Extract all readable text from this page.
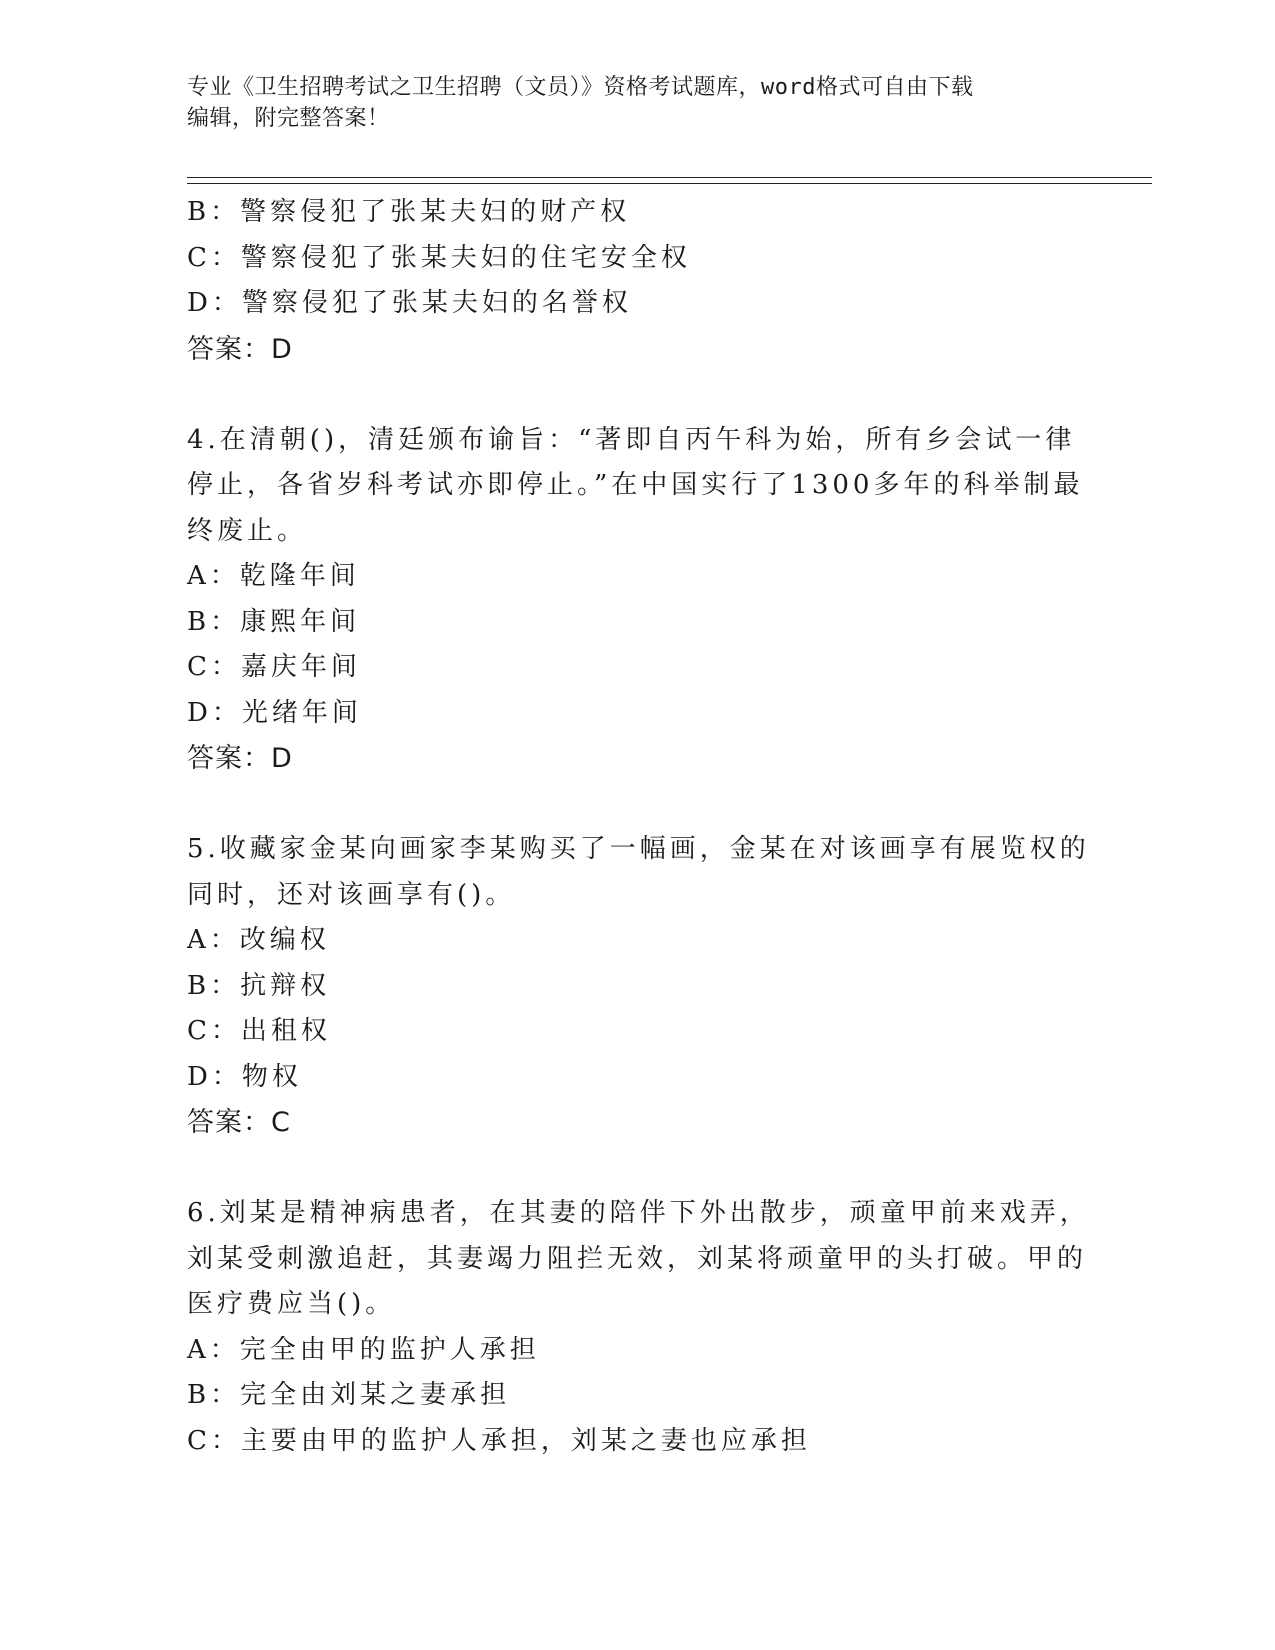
专业《卫生招聘考试之卫生招聘（文员）》资格考试题库，word格式可自由下载
编辑，附完整答案！
B：警察侵犯了张某夫妇的财产权
C：警察侵犯了张某夫妇的住宅安全权
D：警察侵犯了张某夫妇的名誉权
答案：D
4.在清朝()，清廷颁布谕旨：“著即自丙午科为始，所有乡会试一律
停止，各省岁科考试亦即停止。”在中国实行了1300多年的科举制最
终废止。
A：乾隆年间
B：康熙年间
C：嘉庆年间
D：光绪年间
答案：D
5.收藏家金某向画家李某购买了一幅画，金某在对该画享有展览权的
同时，还对该画享有()。
A：改编权
B：抗辩权
C：出租权
D：物权
答案：C
6.刘某是精神病患者，在其妻的陪伴下外出散步，顽童甲前来戏弄，
刘某受刺激追赶，其妻竭力阻拦无效，刘某将顽童甲的头打破。甲的
医疗费应当()。
A：完全由甲的监护人承担
B：完全由刘某之妻承担
C：主要由甲的监护人承担，刘某之妻也应承担
